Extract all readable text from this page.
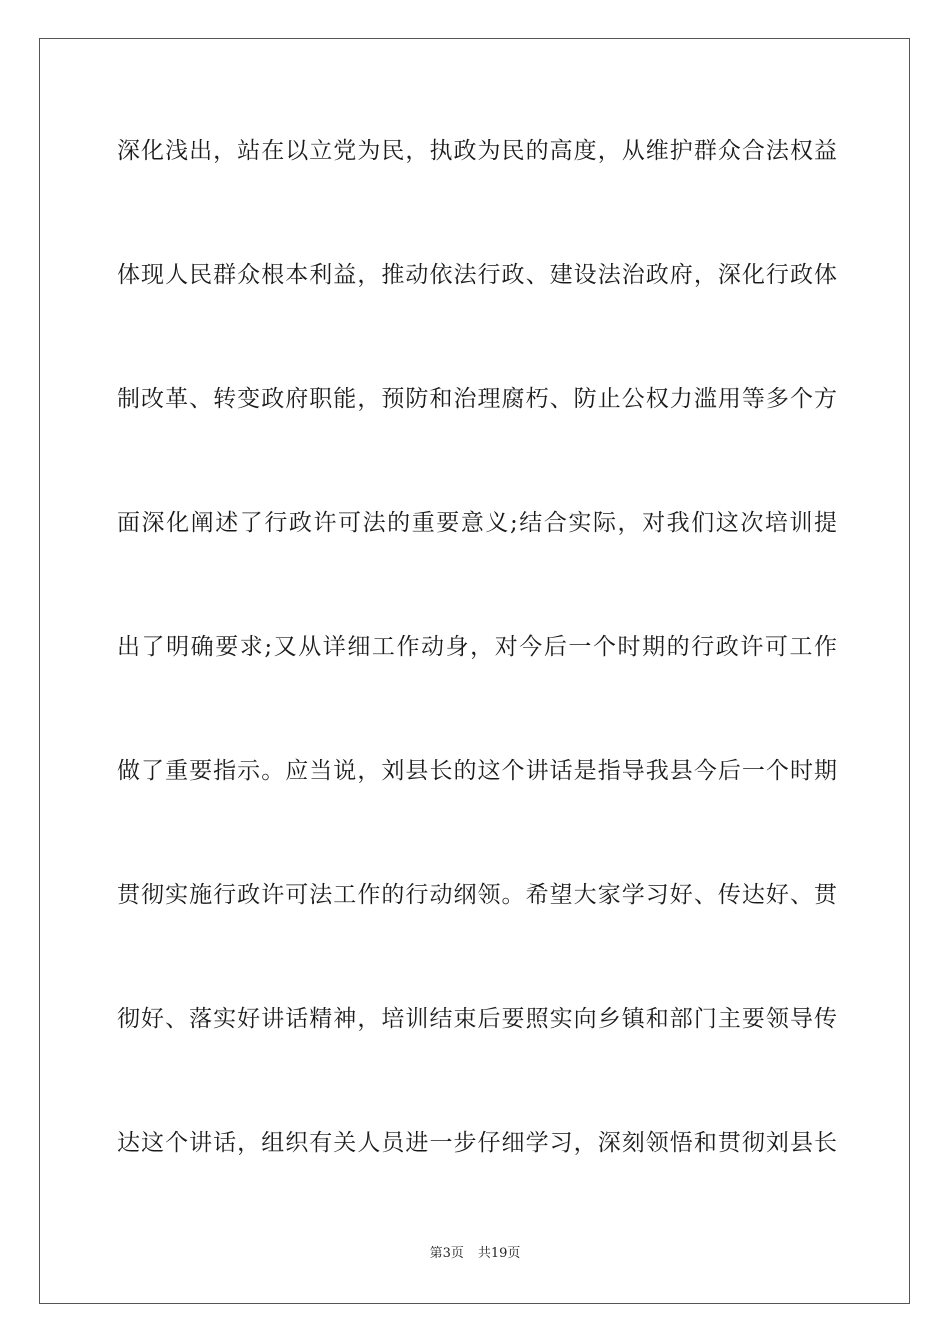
深化浅出，站在以立党为民，执政为民的高度，从维护群众合法权益
体现人民群众根本利益，推动依法行政、建设法治政府，深化行政体
制改革、转变政府职能，预防和治理腐朽、防止公权力滥用等多个方
面深化阐述了行政许可法的重要意义;结合实际，对我们这次培训提
出了明确要求;又从详细工作动身，对今后一个时期的行政许可工作
做了重要指示。应当说，刘县长的这个讲话是指导我县今后一个时期
贯彻实施行政许可法工作的行动纲领。希望大家学习好、传达好、贯
彻好、落实好讲话精神，培训结束后要照实向乡镇和部门主要领导传
达这个讲话，组织有关人员进一步仔细学习，深刻领悟和贯彻刘县长
第3页 共19页
